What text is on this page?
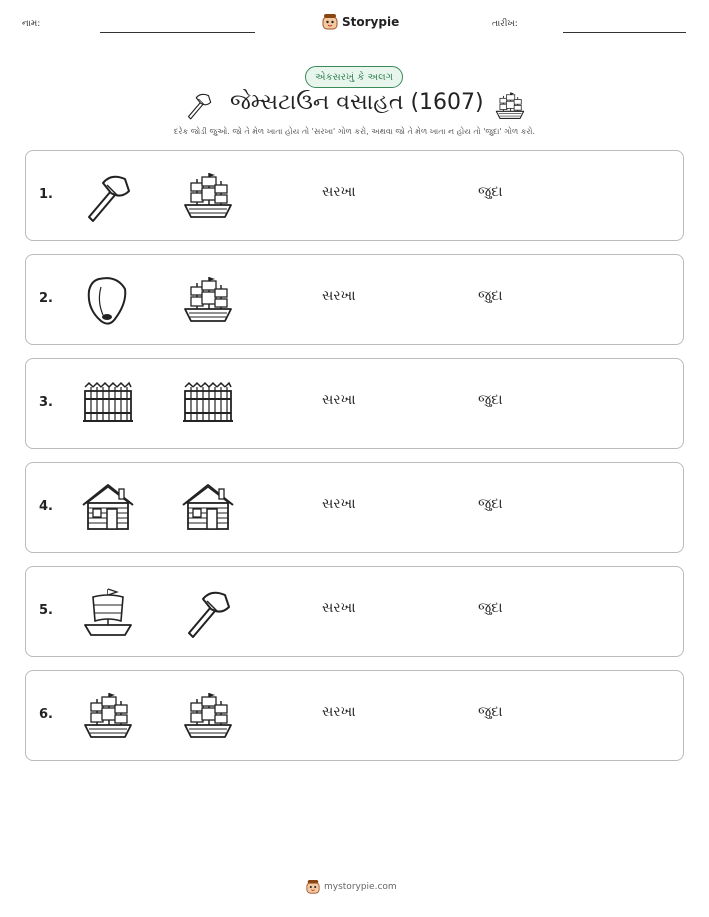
નામ:	Storypie	તારીખ:
એકસરખું કે અલગ
જેમ્સટાઉન વસાહત (1607)
દરેક જોડી જુઓ. જો તે મેળ ખાતા હોય તો 'સરખા' ગોળ કરો, અથવા જો તે મેળ ખાતા ન હોય તો 'જુદા' ગોળ કરો.
1.	સરખા	જુદા
2.	સરખા	જુદા
3.	સરખા	જુદા
4.	સરખા	જુદા
5.	સરખા	જુદા
6.	સરખા	જુદા
mystorypie.com
